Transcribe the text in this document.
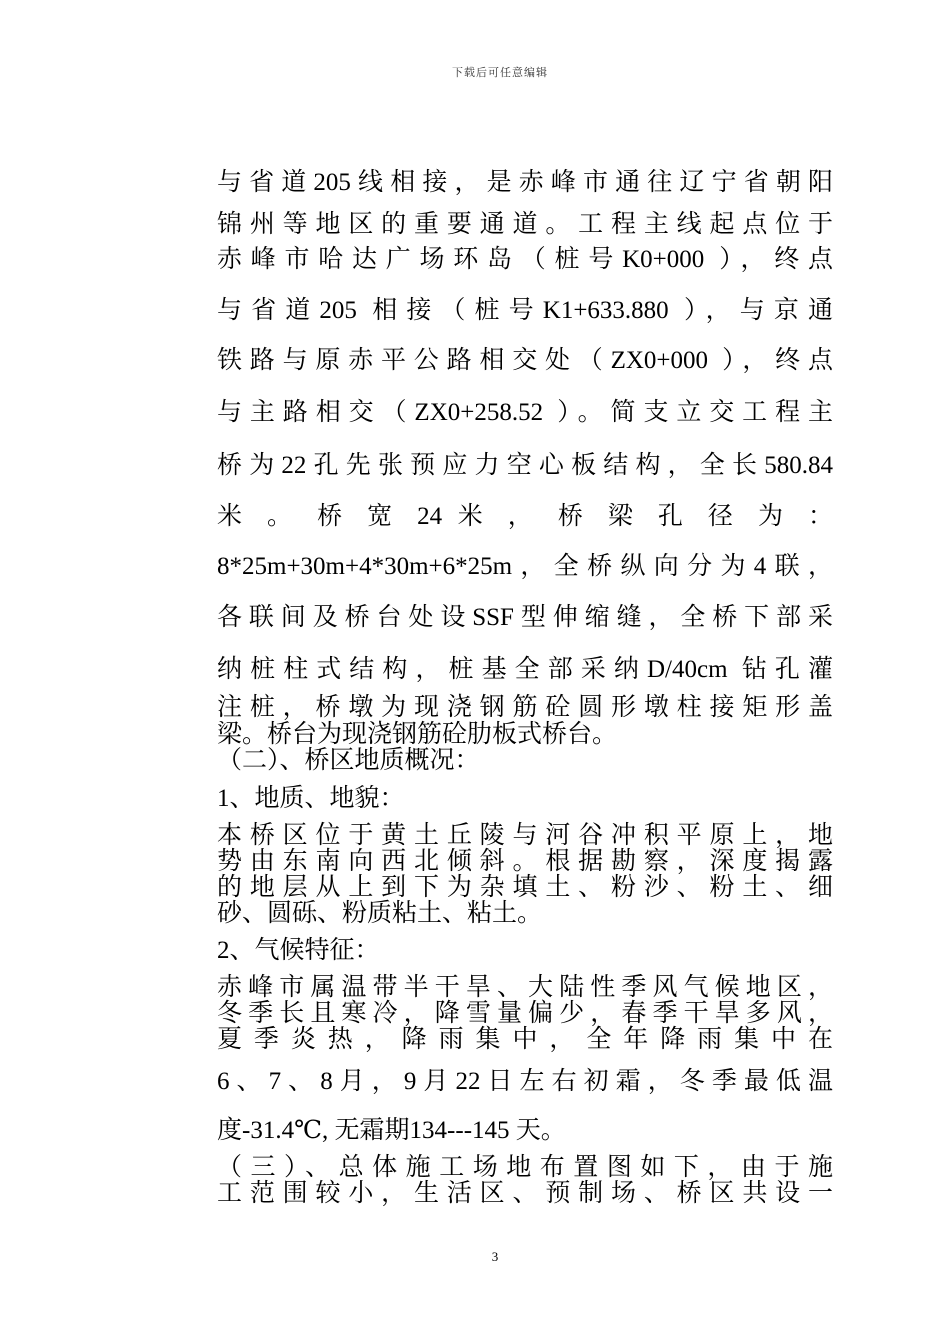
下载后可任意编辑
与省道205线相接，是赤峰市通往辽宁省朝阳
锦州等地区的重要通道。工程主线起点位于
赤峰市哈达广场环岛（桩号K0+000 ），终点
与省道205 相接（桩号K1+633.880 ），与京通
铁路与原赤平公路相交处（ZX0+000 ），终点
与主路相交（ZX0+258.52 ）。简支立交工程主
桥为22孔先张预应力空心板结构，全长580.84
米 。 桥 宽 24 米 ， 桥 梁 孔 径 为 ：
8*25m+30m+4*30m+6*25m，全桥纵向分为4联，
各联间及桥台处设SSF型伸缩缝，全桥下部采
纳桩柱式结构，桩基全部采纳D/40cm 钻孔灌
注桩，桥墩为现浇钢筋砼圆形墩柱接矩形盖
梁。桥台为现浇钢筋砼肋板式桥台。
（二）、桥区地质概况：
1、地质、地貌：
本桥区位于黄土丘陵与河谷冲积平原上，地
势由东南向西北倾斜。根据勘察，深度揭露
的地层从上到下为杂填土、粉沙、粉土、细
砂、圆砾、粉质粘土、粘土。
2、气候特征：
赤峰市属温带半干旱、大陆性季风气候地区，
冬季长且寒冷，降雪量偏少，春季干旱多风，
夏季炎热，降雨集中，全年降雨集中在
6、7、8月，9月22日左右初霜，冬季最低温
度-31.4℃, 无霜期134---145 天。
（三）、总体施工场地布置图如下，由于施
工范围较小，生活区、预制场、桥区共设一
3
